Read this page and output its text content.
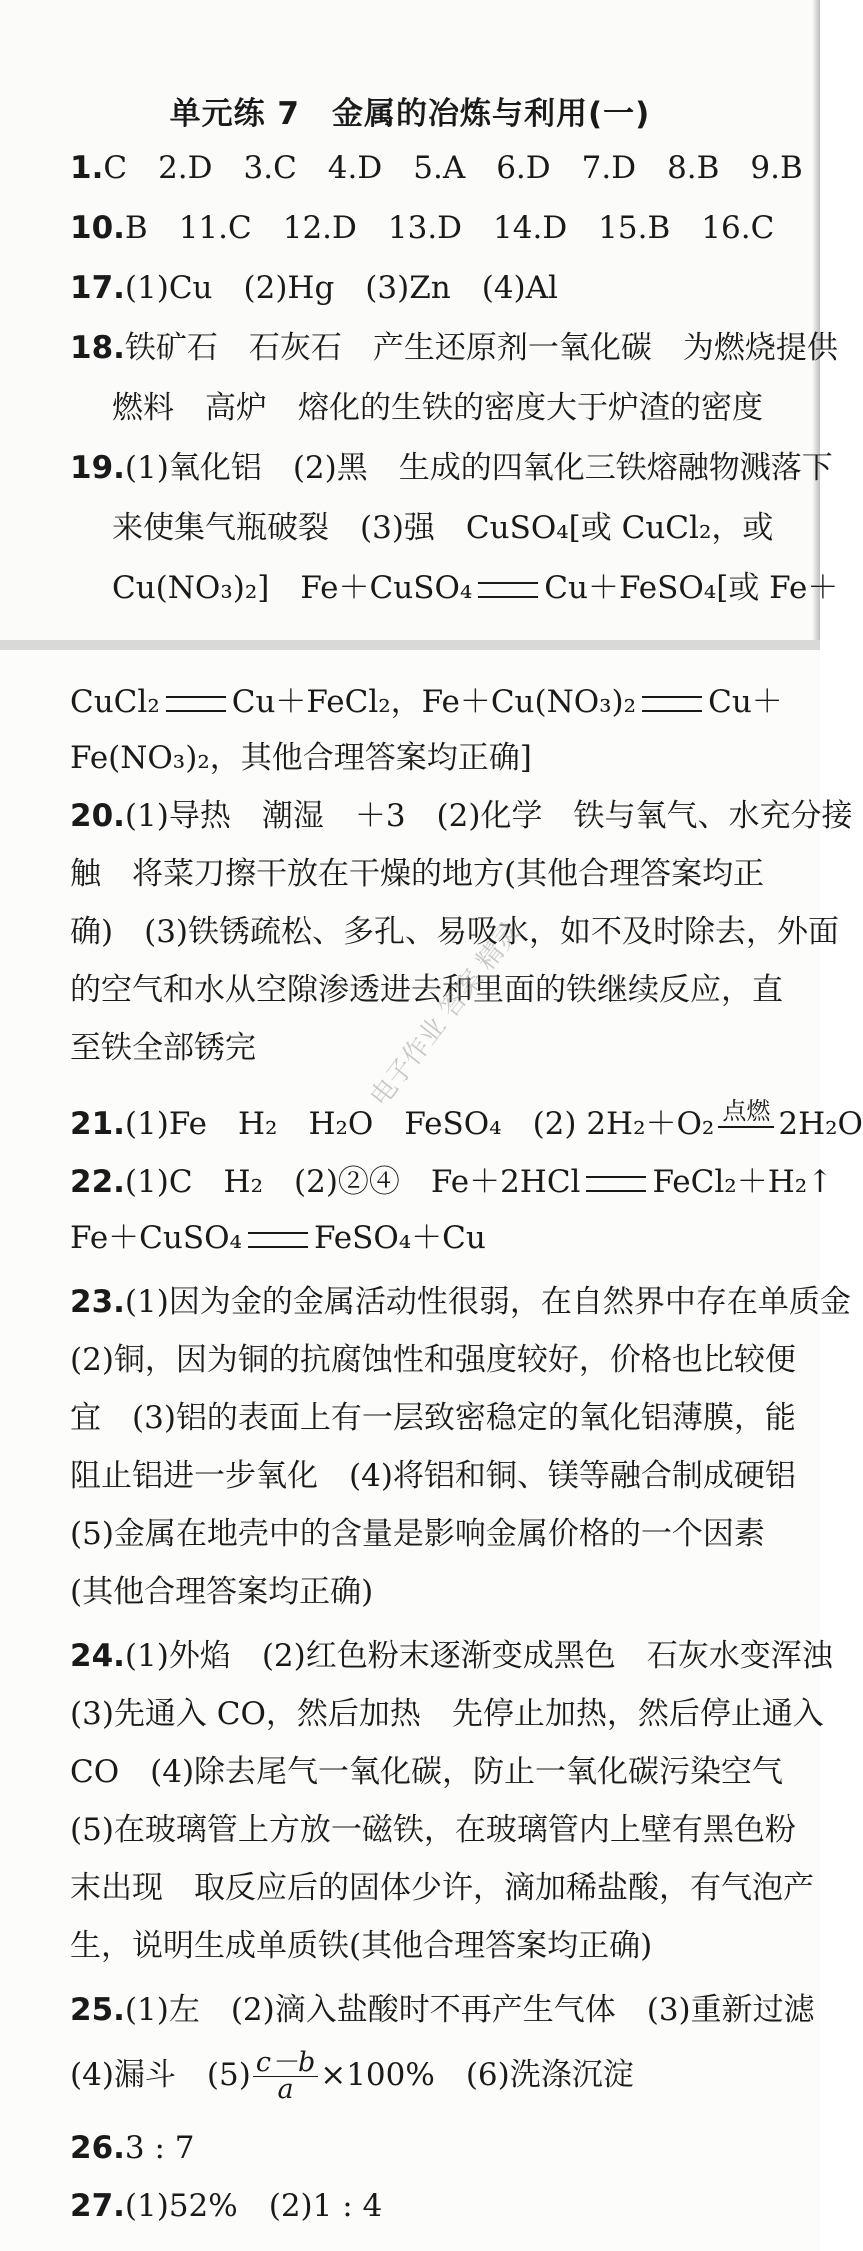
单元练 7　金属的冶炼与利用(一)
1.C　2.D　3.C　4.D　5.A　6.D　7.D　8.B　9.B
10.B　11.C　12.D　13.D　14.D　15.B　16.C
17.(1)Cu　(2)Hg　(3)Zn　(4)Al
18.铁矿石　石灰石　产生还原剂一氧化碳　为燃烧提供
燃料　高炉　熔化的生铁的密度大于炉渣的密度
19.(1)氧化铝　(2)黑　生成的四氧化三铁熔融物溅落下
来使集气瓶破裂　(3)强　CuSO₄[或 CuCl₂，或
Cu(NO₃)₂]　Fe＋CuSO₄ Cu＋FeSO₄[或 Fe＋
CuCl₂ Cu＋FeCl₂，Fe＋Cu(NO₃)₂ Cu＋
Fe(NO₃)₂，其他合理答案均正确]
20.(1)导热　潮湿　＋3　(2)化学　铁与氧气、水充分接
触　将菜刀擦干放在干燥的地方(其他合理答案均正
确)　(3)铁锈疏松、多孔、易吸水，如不及时除去，外面
的空气和水从空隙渗透进去和里面的铁继续反应，直
至铁全部锈完
21.(1)Fe　H₂　H₂O　FeSO₄　(2) 2H₂＋O₂ 点燃 2H₂O
22.(1)C　H₂　(2)②④　Fe＋2HCl FeCl₂＋H₂↑
Fe＋CuSO₄ FeSO₄＋Cu
23.(1)因为金的金属活动性很弱，在自然界中存在单质金
(2)铜，因为铜的抗腐蚀性和强度较好，价格也比较便
宜　(3)铝的表面上有一层致密稳定的氧化铝薄膜，能
阻止铝进一步氧化　(4)将铝和铜、镁等融合制成硬铝
(5)金属在地壳中的含量是影响金属价格的一个因素
(其他合理答案均正确)
24.(1)外焰　(2)红色粉末逐渐变成黑色　石灰水变浑浊
(3)先通入 CO，然后加热　先停止加热，然后停止通入
CO　(4)除去尾气一氧化碳，防止一氧化碳污染空气
(5)在玻璃管上方放一磁铁，在玻璃管内上壁有黑色粉
末出现　取反应后的固体少许，滴加稀盐酸，有气泡产
生，说明生成单质铁(其他合理答案均正确)
25.(1)左　(2)滴入盐酸时不再产生气体　(3)重新过滤
(4)漏斗　$(5) \frac{c-b}{a} \times 100\%$　(6)洗涤沉淀
26.3 : 7
27.(1)52%　(2)1 : 4
电子作业 答案 精灵
